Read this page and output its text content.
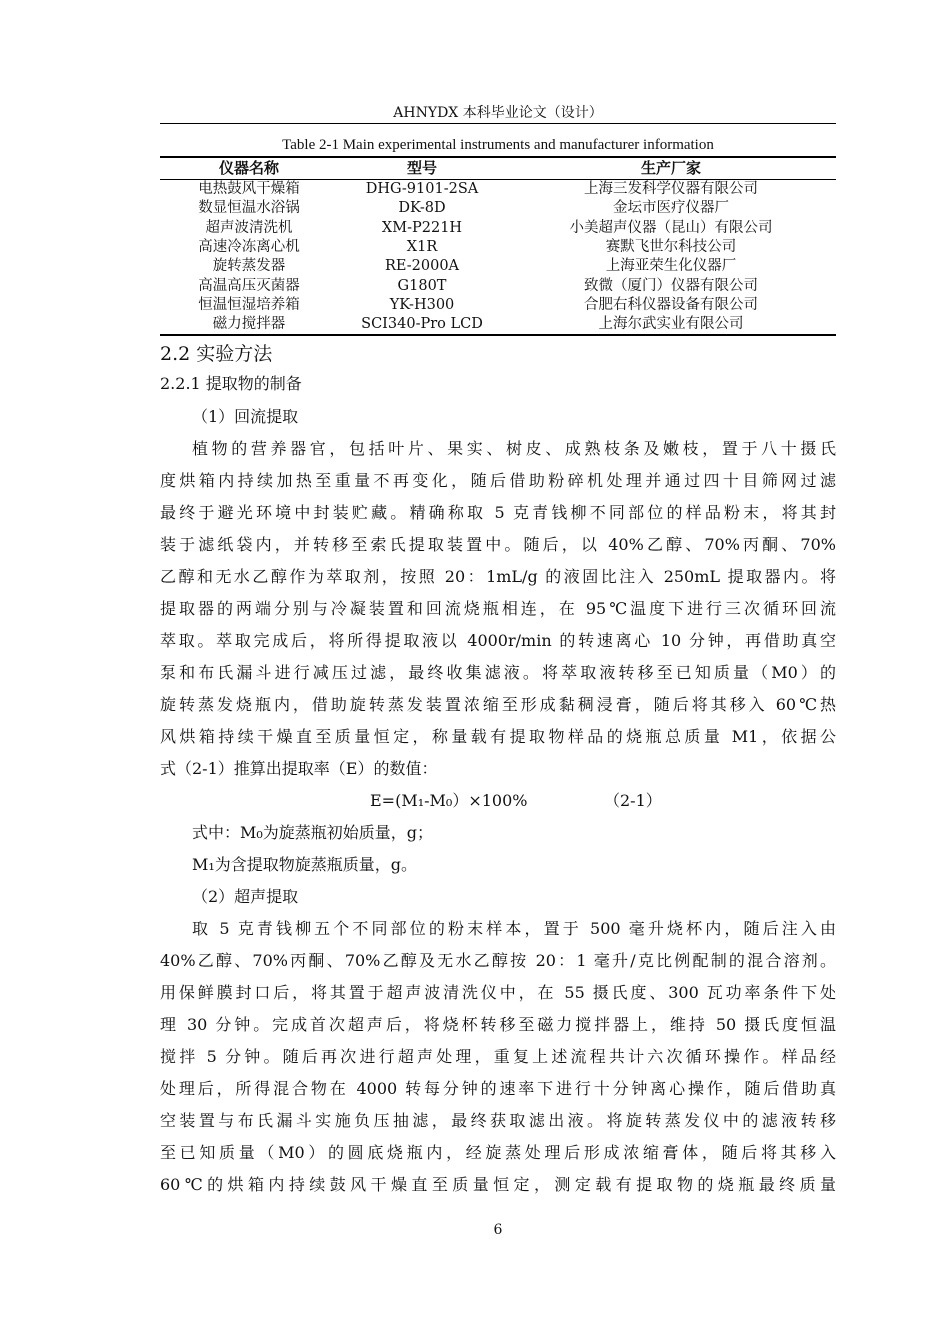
AHNYDX 本科毕业论文（设计）
Table 2-1 Main experimental instruments and manufacturer information
仪器名称	型号	生产厂家
电热鼓风干燥箱	DHG-9101-2SA	上海三发科学仪器有限公司
数显恒温水浴锅	DK-8D	金坛市医疗仪器厂
超声波清洗机	XM-P221H	小美超声仪器（昆山）有限公司
高速冷冻离心机	X1R	赛默飞世尔科技公司
旋转蒸发器	RE-2000A	上海亚荣生化仪器厂
高温高压灭菌器	G180T	致微（厦门）仪器有限公司
恒温恒湿培养箱	YK-H300	合肥右科仪器设备有限公司
磁力搅拌器	SCI340-Pro LCD	上海尔武实业有限公司
2.2 实验方法
2.2.1 提取物的制备
（1）回流提取
植物的营养器官，包括叶片、果实、树皮、成熟枝条及嫩枝，置于八十摄氏
度烘箱内持续加热至重量不再变化，随后借助粉碎机处理并通过四十目筛网过滤
最终于避光环境中封装贮藏。精确称取 5 克青钱柳不同部位的样品粉末，将其封
装于滤纸袋内，并转移至索氏提取装置中。随后，以 40%乙醇、70%丙酮、70%
乙醇和无水乙醇作为萃取剂，按照 20：1mL/g 的液固比注入 250mL 提取器内。将
提取器的两端分别与冷凝装置和回流烧瓶相连，在 95℃温度下进行三次循环回流
萃取。萃取完成后，将所得提取液以 4000r/min 的转速离心 10 分钟，再借助真空
泵和布氏漏斗进行减压过滤，最终收集滤液。将萃取液转移至已知质量（M0）的
旋转蒸发烧瓶内，借助旋转蒸发装置浓缩至形成黏稠浸膏，随后将其移入 60℃热
风烘箱持续干燥直至质量恒定，称量载有提取物样品的烧瓶总质量 M1，依据公
式（2-1）推算出提取率（E）的数值：
E=(M₁-M₀）×100%	（2-1）
式中：M₀为旋蒸瓶初始质量，g；
M₁为含提取物旋蒸瓶质量，g。
（2）超声提取
取 5 克青钱柳五个不同部位的粉末样本，置于 500 毫升烧杯内，随后注入由
40%乙醇、70%丙酮、70%乙醇及无水乙醇按 20：1 毫升/克比例配制的混合溶剂。
用保鲜膜封口后，将其置于超声波清洗仪中，在 55 摄氏度、300 瓦功率条件下处
理 30 分钟。完成首次超声后，将烧杯转移至磁力搅拌器上，维持 50 摄氏度恒温
搅拌 5 分钟。随后再次进行超声处理，重复上述流程共计六次循环操作。样品经
处理后，所得混合物在 4000 转每分钟的速率下进行十分钟离心操作，随后借助真
空装置与布氏漏斗实施负压抽滤，最终获取滤出液。将旋转蒸发仪中的滤液转移
至已知质量（M0）的圆底烧瓶内，经旋蒸处理后形成浓缩膏体，随后将其移入
60℃的烘箱内持续鼓风干燥直至质量恒定，测定载有提取物的烧瓶最终质量
6
